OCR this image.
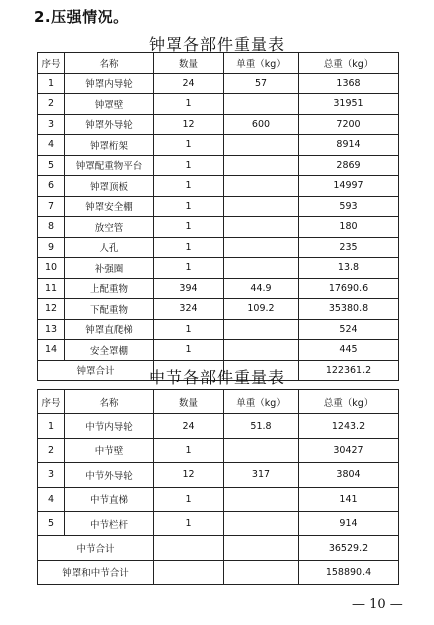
2.压强情况。
钟罩各部件重量表
序号	名称	数量	单重（kg）	总重（kg）
1	钟罩内导轮	24	57	1368
2	钟罩壁	1		31951
3	钟罩外导轮	12	600	7200
4	钟罩桁架	1		8914
5	钟罩配重物平台	1		2869
6	钟罩顶板	1		14997
7	钟罩安全棚	1		593
8	放空管	1		180
9	人孔	1		235
10	补强圈	1		13.8
11	上配重物	394	44.9	17690.6
12	下配重物	324	109.2	35380.8
13	钟罩直爬梯	1		524
14	安全罩棚	1		445
钟罩合计				122361.2
中节各部件重量表
序号	名称	数量	单重（kg）	总重（kg）
1	中节内导轮	24	51.8	1243.2
2	中节壁	1		30427
3	中节外导轮	12	317	3804
4	中节直梯	1		141
5	中节栏杆	1		914
中节合计				36529.2
钟罩和中节合计				158890.4
— 10 —
